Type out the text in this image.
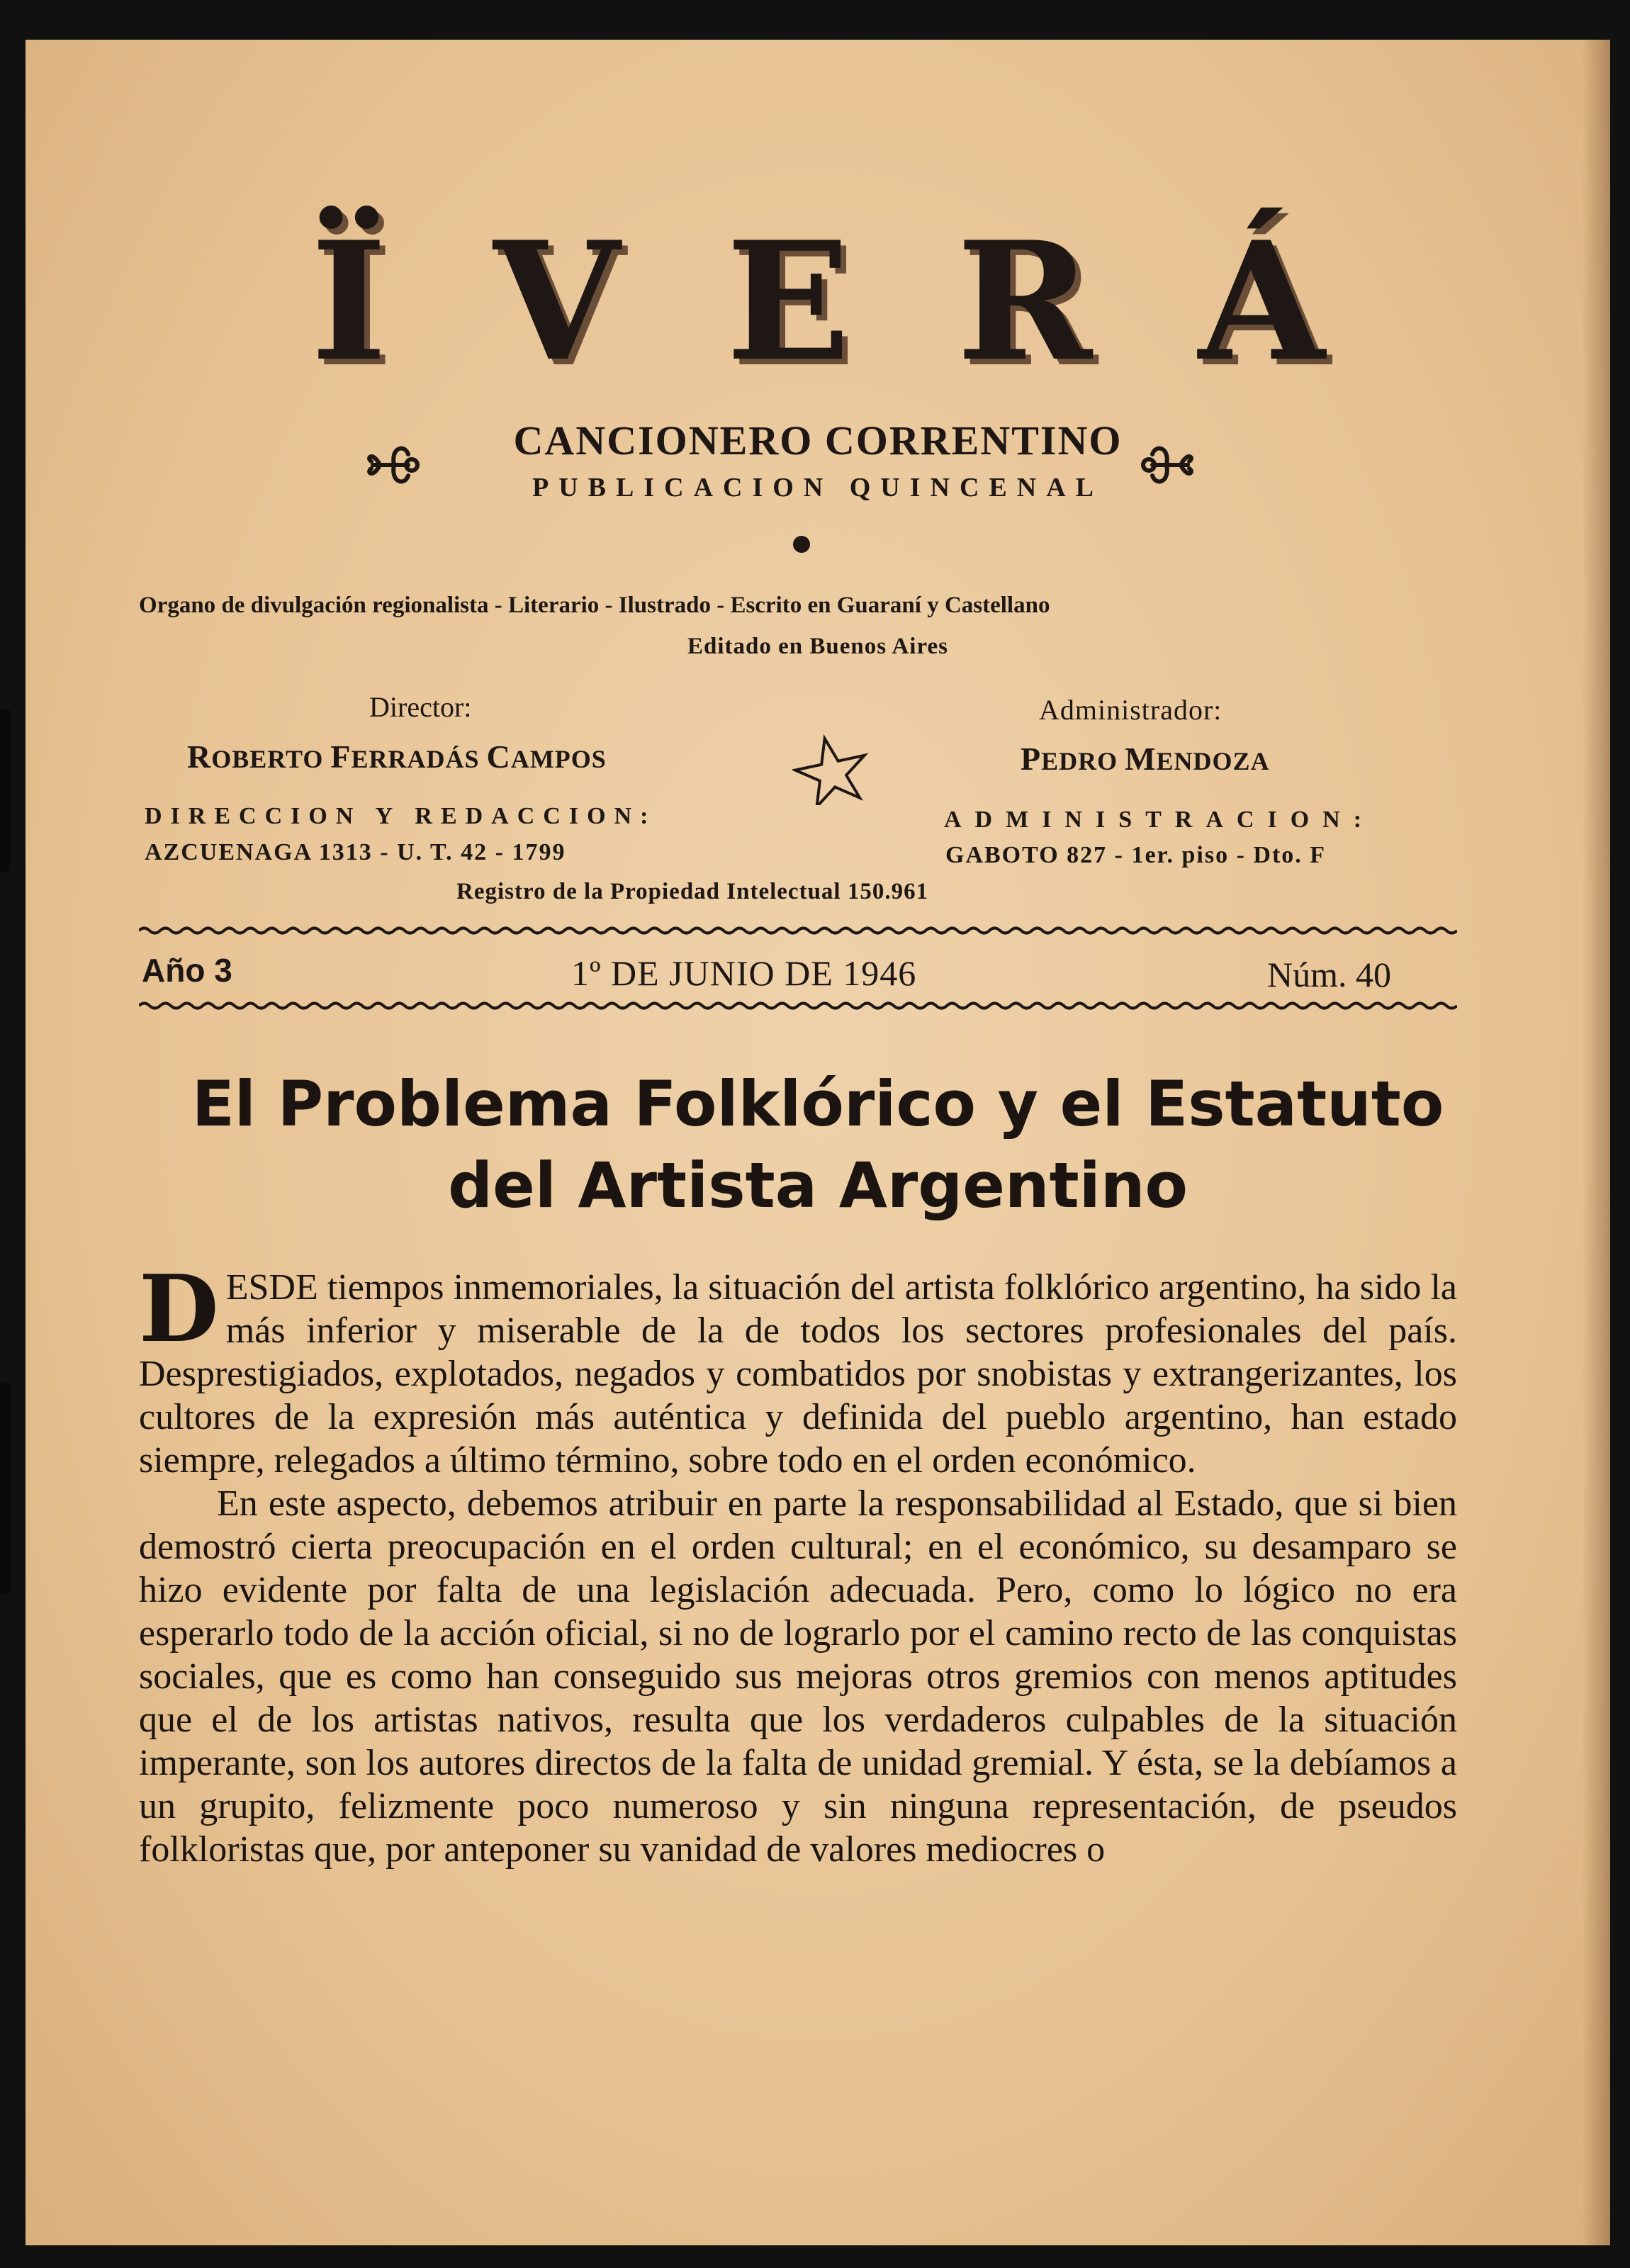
ÏVERÁ
CANCIONERO CORRENTINO
PUBLICACION QUINCENAL
Organo de divulgación regionalista - Literario - Ilustrado - Escrito en Guaraní y Castellano
Editado en Buenos Aires
Director:
ROBERTO FERRADÁS CAMPOS
Administrador:
PEDRO MENDOZA
DIRECCION Y REDACCION:
AZCUENAGA 1313 - U. T. 42 - 1799
ADMINISTRACION:
GABOTO 827 - 1er. piso - Dto. F
Registro de la Propiedad Intelectual 150.961
Año 3	1º DE JUNIO DE 1946	Núm. 40
El Problema Folklórico y el Estatuto
del Artista Argentino

DESDE tiempos inmemoriales, la situación del artista folklórico argentino, ha sido la más inferior y miserable de la de todos los sectores profesionales del país. Desprestigiados, explotados, negados y combatidos por snobistas y extrangerizantes, los cultores de la expresión más auténtica y definida del pueblo argentino, han estado siempre, relegados a último término, sobre todo en el orden económico.

En este aspecto, debemos atribuir en parte la responsabilidad al Estado, que si bien demostró cierta preocupación en el orden cultural; en el económico, su desamparo se hizo evidente por falta de una legislación adecuada. Pero, como lo lógico no era esperarlo todo de la acción oficial, si no de lograrlo por el camino recto de las conquistas sociales, que es como han conseguido sus mejoras otros gremios con menos aptitudes que el de los artistas nativos, resulta que los verdaderos culpables de la situación imperante, son los autores directos de la falta de unidad gremial. Y ésta, se la debíamos a un grupito, felizmente poco numeroso y sin ninguna representación, de pseudos folkloristas que, por anteponer su vanidad de valores mediocres o
